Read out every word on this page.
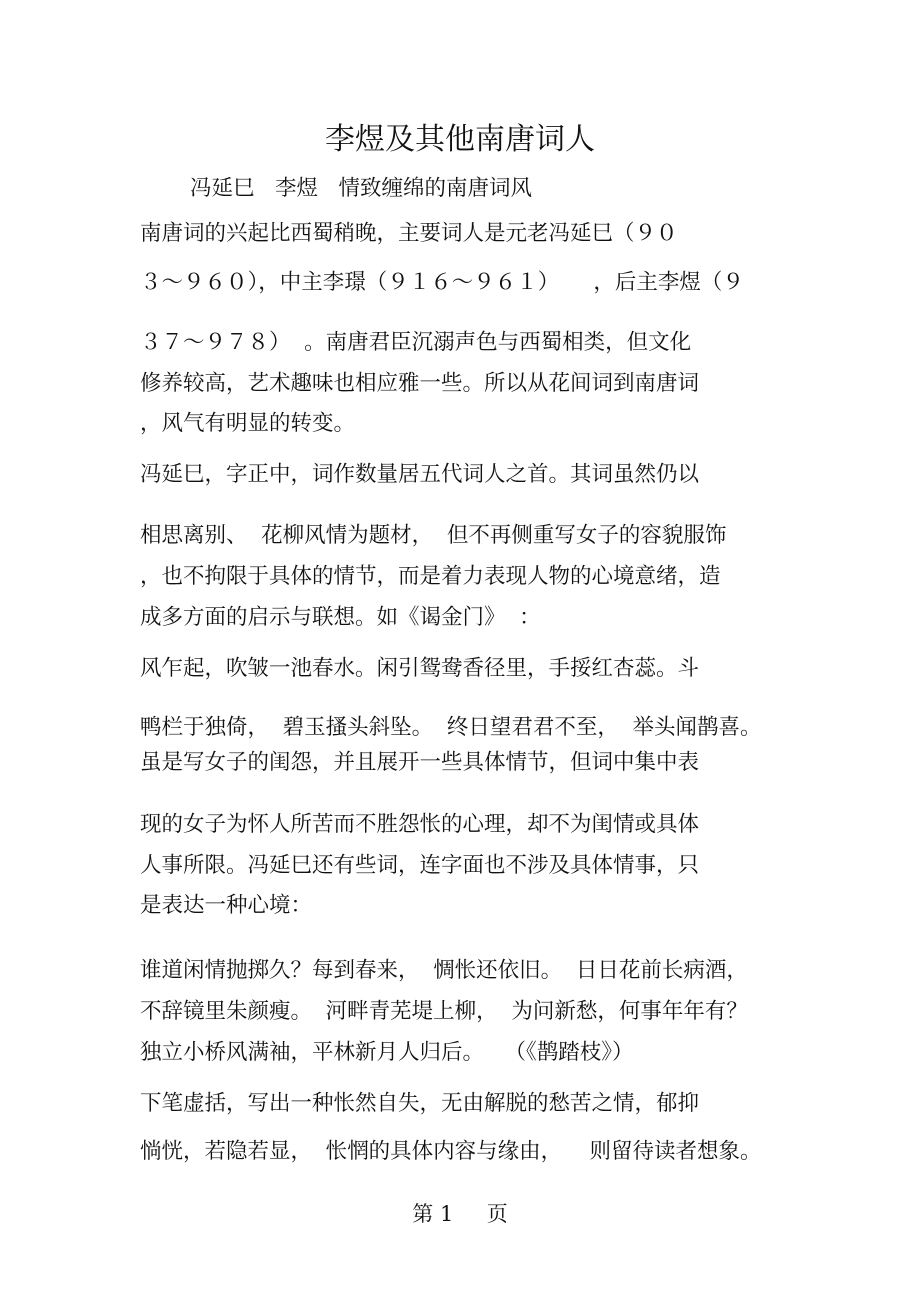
李煜及其他南唐词人
冯延巳   李煜   情致缠绵的南唐词风
南唐词的兴起比西蜀稍晚，主要词人是元老冯延巳（９０
３～９６０），中主李璟（９１６～９６１）     ，后主李煜（９
３７～９７８）  。南唐君臣沉溺声色与西蜀相类，但文化
修养较高，艺术趣味也相应雅一些。所以从花间词到南唐词
，风气有明显的转变。
冯延巳，字正中，词作数量居五代词人之首。其词虽然仍以
相思离别、  花柳风情为题材，  但不再侧重写女子的容貌服饰
，也不拘限于具体的情节，而是着力表现人物的心境意绪，造
成多方面的启示与联想。如《谒金门》  ：
风乍起，吹皱一池春水。闲引鸳鸯香径里，手挼红杏蕊。斗
鸭栏于独倚，  碧玉搔头斜坠。  终日望君君不至，  举头闻鹊喜。
虽是写女子的闺怨，并且展开一些具体情节，但词中集中表
现的女子为怀人所苦而不胜怨怅的心理，却不为闺情或具体
人事所限。冯延巳还有些词，连字面也不涉及具体情事，只
是表达一种心境：
谁道闲情抛掷久？每到春来，  惆怅还依旧。  日日花前长病酒，
不辞镜里朱颜瘦。  河畔青芜堤上柳，  为问新愁，何事年年有？
独立小桥风满袖，平林新月人归后。   （《鹊踏枝》）
下笔虚括，写出一种怅然自失，无由解脱的愁苦之情，郁抑
惝恍，若隐若显，  怅惘的具体内容与缘由，    则留待读者想象。
第 1     页
